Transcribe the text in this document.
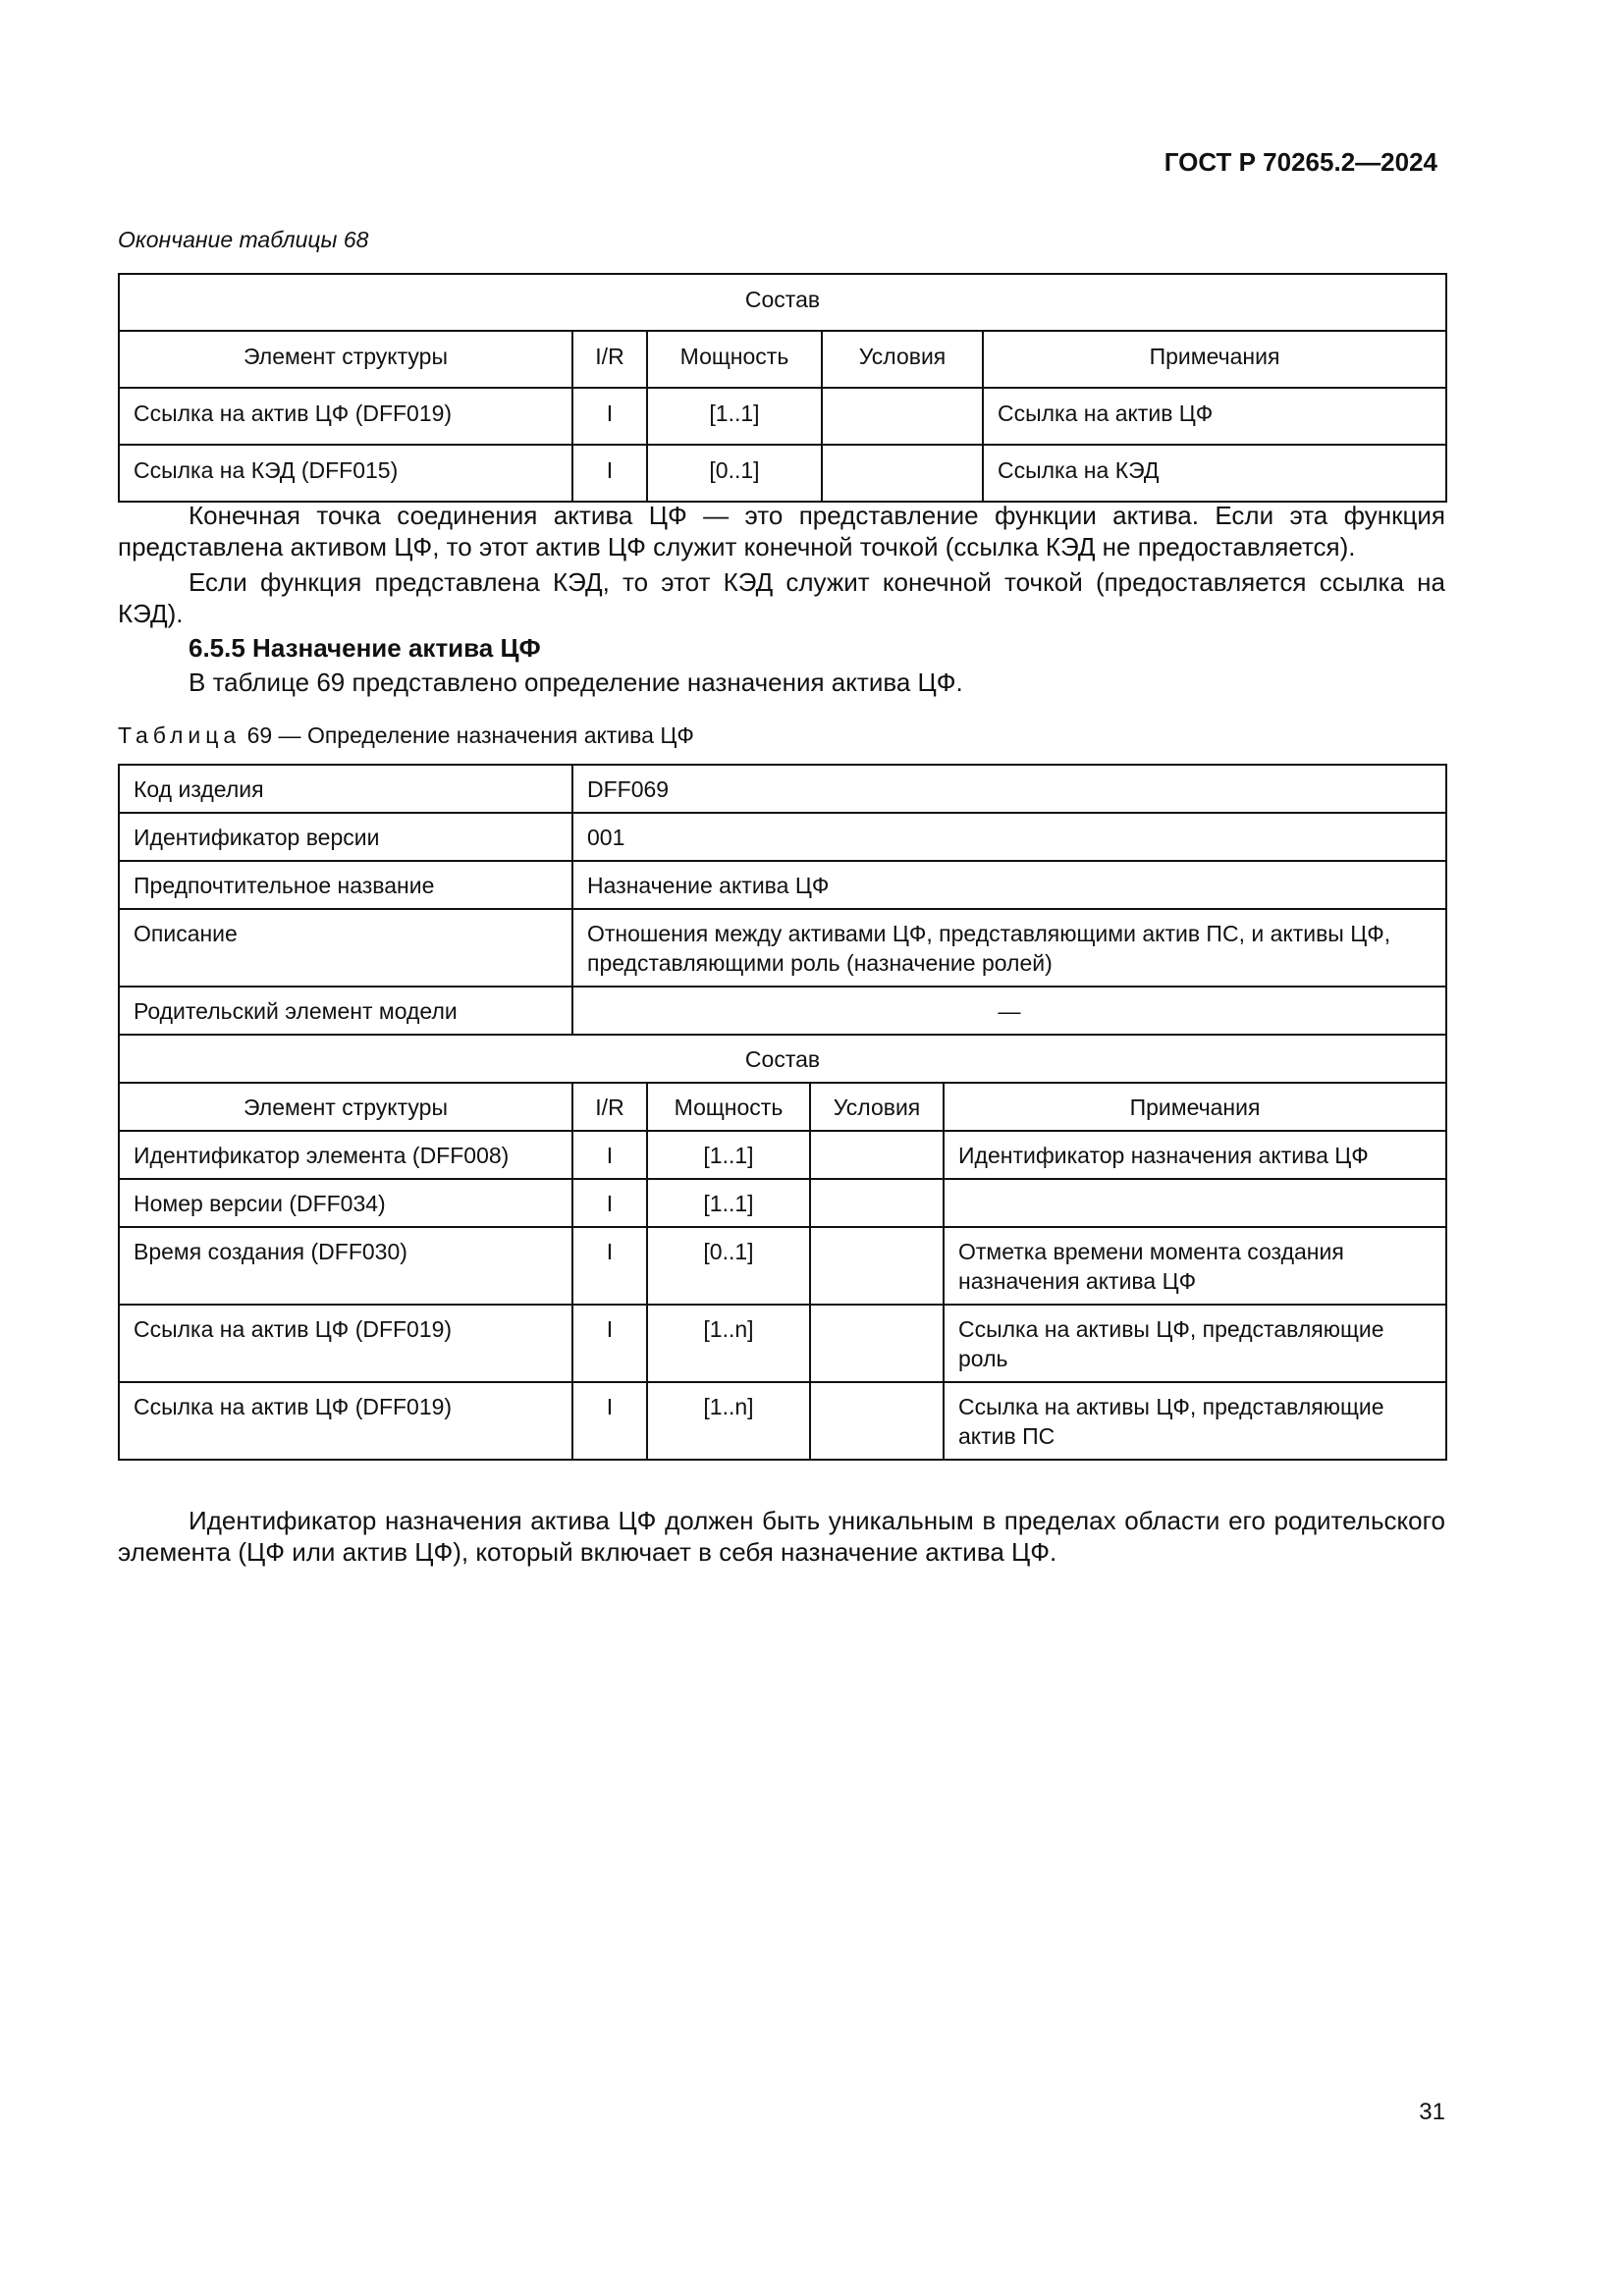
ГОСТ Р 70265.2—2024
Окончание таблицы 68
Состав				
Элемент структуры	I/R	Мощность	Условия	Примечания
Ссылка на актив ЦФ (DFF019)	I	[1..1]		Ссылка на актив ЦФ
Ссылка на КЭД (DFF015)	I	[0..1]		Ссылка на КЭД

Конечная точка соединения актива ЦФ — это представление функции актива. Если эта функция представлена активом ЦФ, то этот актив ЦФ служит конечной точкой (ссылка КЭД не предоставляется).

Если функция представлена КЭД, то этот КЭД служит конечной точкой (предоставляется ссылка на КЭД).

6.5.5 Назначение актива ЦФ

В таблице 69 представлено определение назначения актива ЦФ.

Таблица 69 — Определение назначения актива ЦФ
Код изделия	DFF069			
Идентификатор версии	001			
Предпочтительное название	Назначение актива ЦФ			
Описание	Отношения между активами ЦФ, представляющими актив ПС, и активы ЦФ, представляющими роль (назначение ролей)			
Родительский элемент модели	—			
Состав				
Элемент структуры	I/R	Мощность	Условия	Примечания
Идентификатор элемента (DFF008)	I	[1..1]		Идентификатор назначения актива ЦФ
Номер версии (DFF034)	I	[1..1]		
Время создания (DFF030)	I	[0..1]		Отметка времени момента создания назначения актива ЦФ
Ссылка на актив ЦФ (DFF019)	I	[1..n]		Ссылка на активы ЦФ, представляющие роль
Ссылка на актив ЦФ (DFF019)	I	[1..n]		Ссылка на активы ЦФ, представляющие актив ПС

Идентификатор назначения актива ЦФ должен быть уникальным в пределах области его родительского элемента (ЦФ или актив ЦФ), который включает в себя назначение актива ЦФ.

31
